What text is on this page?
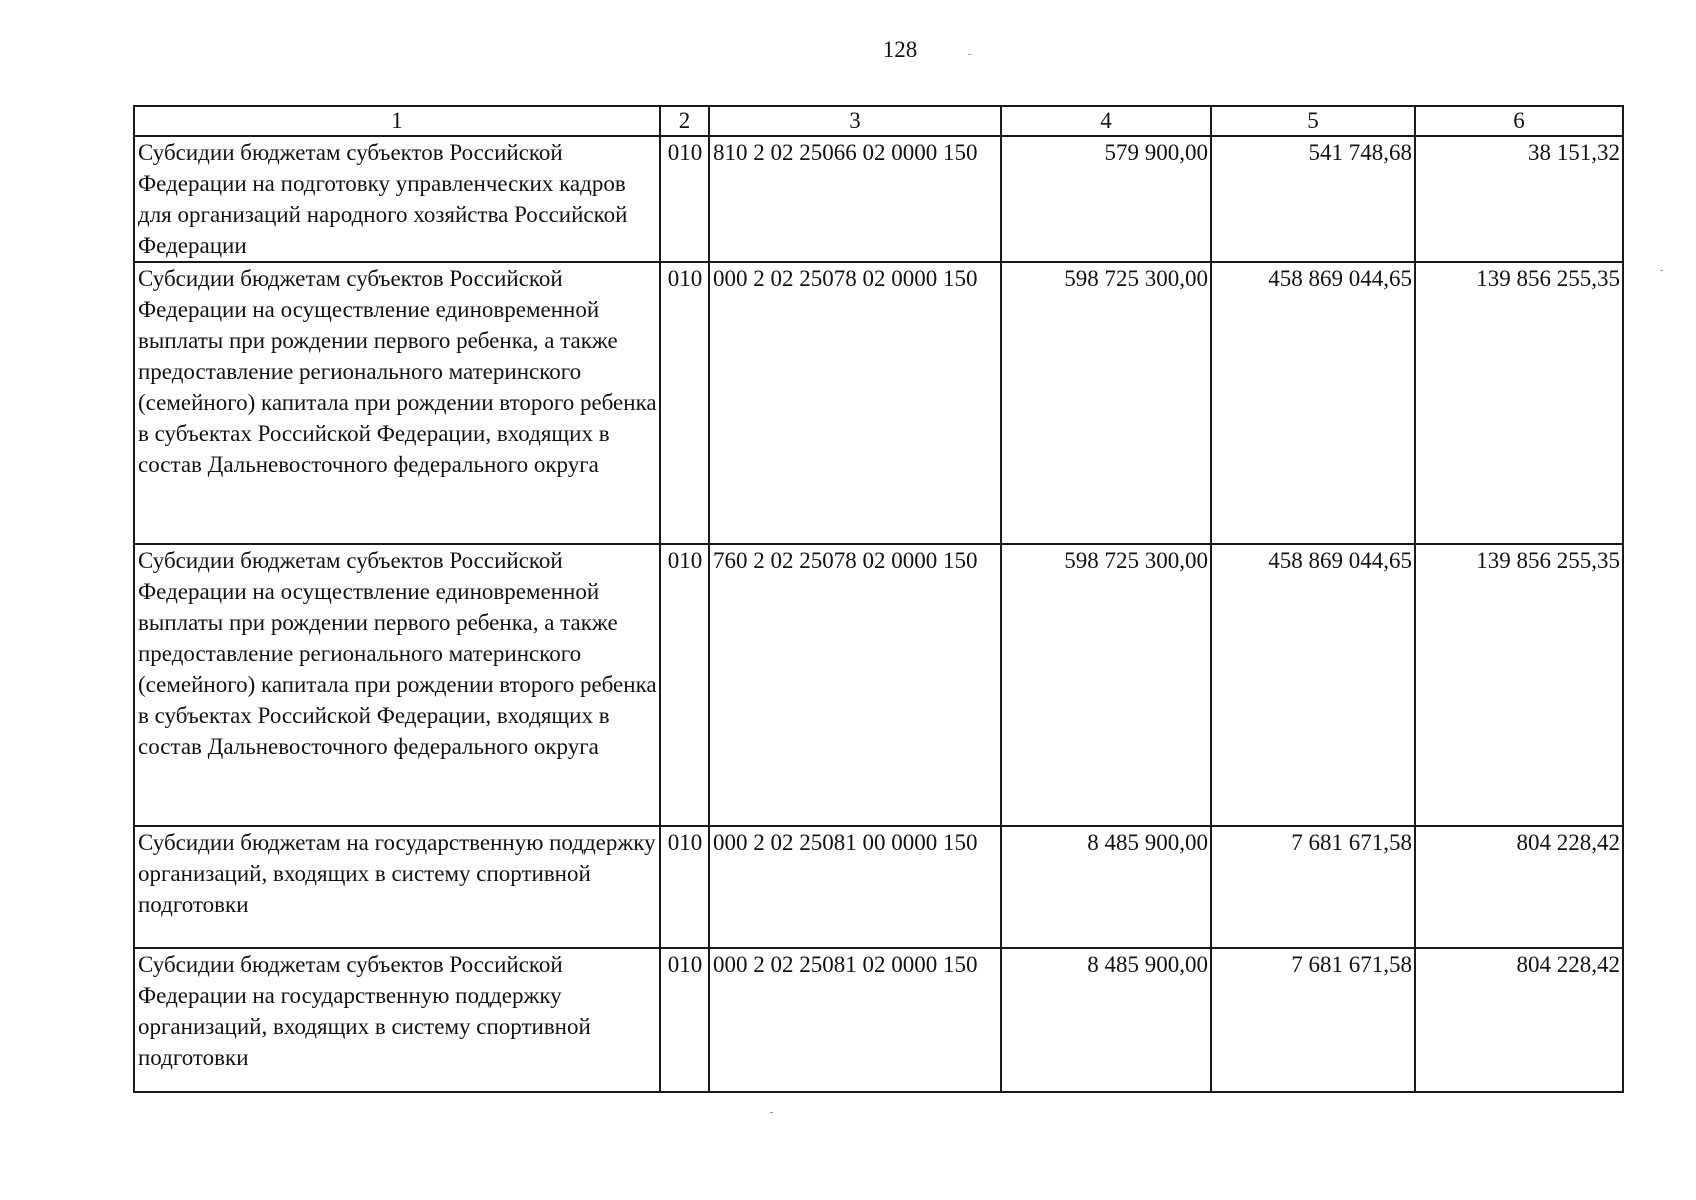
128
1	2	3	4	5	6
Субсидии бюджетам субъектов Российской Федерации на подготовку управленческих кадров для организаций народного хозяйства Российской Федерации	010	810 2 02 25066 02 0000 150	579 900,00	541 748,68	38 151,32
Субсидии бюджетам субъектов Российской Федерации на осуществление единовременной выплаты при рождении первого ребенка, а также предоставление регионального материнского (семейного) капитала при рождении второго ребенка в субъектах Российской Федерации, входящих в состав Дальневосточного федерального округа	010	000 2 02 25078 02 0000 150	598 725 300,00	458 869 044,65	139 856 255,35
Субсидии бюджетам субъектов Российской Федерации на осуществление единовременной выплаты при рождении первого ребенка, а также предоставление регионального материнского (семейного) капитала при рождении второго ребенка в субъектах Российской Федерации, входящих в состав Дальневосточного федерального округа	010	760 2 02 25078 02 0000 150	598 725 300,00	458 869 044,65	139 856 255,35
Субсидии бюджетам на государственную поддержку организаций, входящих в систему спортивной подготовки	010	000 2 02 25081 00 0000 150	8 485 900,00	7 681 671,58	804 228,42
Субсидии бюджетам субъектов Российской Федерации на государственную поддержку организаций, входящих в систему спортивной подготовки	010	000 2 02 25081 02 0000 150	8 485 900,00	7 681 671,58	804 228,42
